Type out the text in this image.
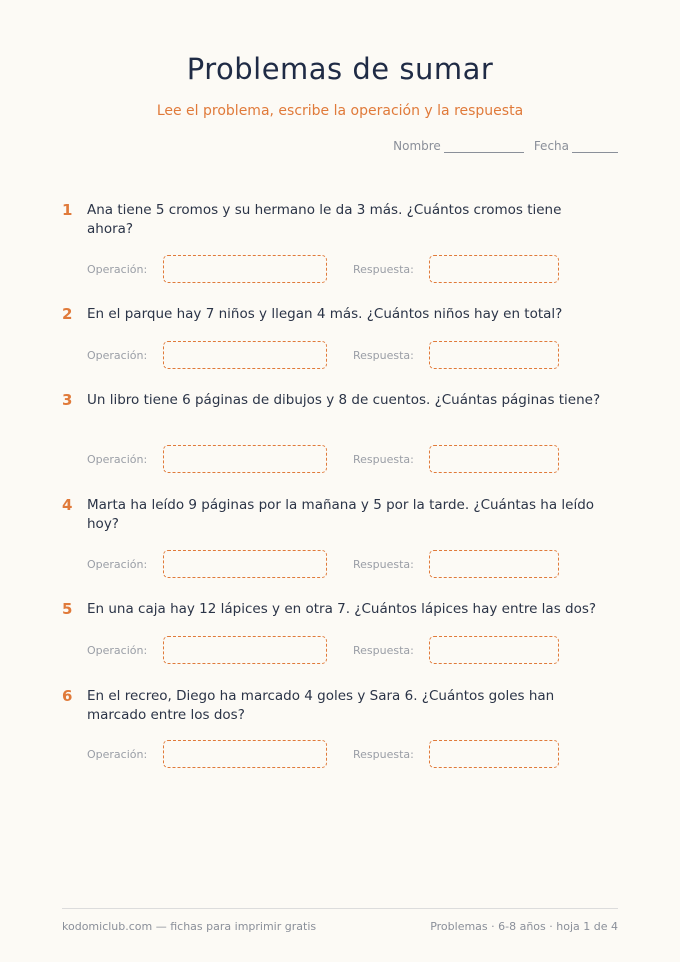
Problemas de sumar
Lee el problema, escribe la operación y la respuesta
Nombre	Fecha
1 Ana tiene 5 cromos y su hermano le da 3 más. ¿Cuántos cromos tiene ahora?
Operación:	Respuesta:
2 En el parque hay 7 niños y llegan 4 más. ¿Cuántos niños hay en total?
Operación:	Respuesta:
3 Un libro tiene 6 páginas de dibujos y 8 de cuentos. ¿Cuántas páginas tiene?
Operación:	Respuesta:
4 Marta ha leído 9 páginas por la mañana y 5 por la tarde. ¿Cuántas ha leído hoy?
Operación:	Respuesta:
5 En una caja hay 12 lápices y en otra 7. ¿Cuántos lápices hay entre las dos?
Operación:	Respuesta:
6 En el recreo, Diego ha marcado 4 goles y Sara 6. ¿Cuántos goles han marcado entre los dos?
Operación:	Respuesta:
kodomiclub.com — fichas para imprimir gratis	Problemas · 6-8 años · hoja 1 de 4
